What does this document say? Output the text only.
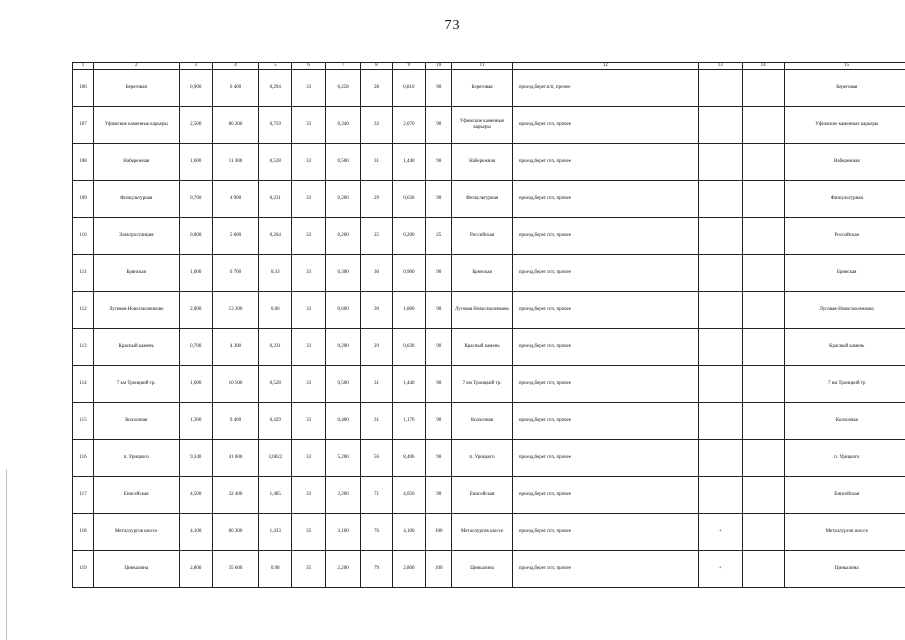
73
1	2	3	4	5	6	7	8	9	10	11	12	13	14	15
106	Береговая	0,900	6 400	0,294	33	0,258	28	0,810	90	Береговая	проезд,берег.п/п, прочее			Береговая
107	Уфимские каменные карьеры	2,500	86 200	0,759	33	0,340	32	2,070	90	Уфимские каменные карьеры	проезд,берег п/п, прочее			Уфимские каменные карьеры
108	Набережная	1,600	11 300	0,528	33	0,500	31	1,440	90	Набережная	проезд,берег п/п, прочее			Набережная
109	Физкультурная	0,700	4 900	0,231	33	0,200	29	0,630	90	Физкультурная	проезд,берег п/п, прочее			Физкультурная
110	Электростанция	0,800	5 600	0,264	33	0,200	25	0,200	25	Российская	проезд,берег п/п, прочее			Российская
111	Брянская	1,000	6 700	0,33	33	0,300	30	0,900	90	Брянская	проезд,берег п/п, прочее			Брянская
112	Луговая-Новосмоленково	2,000	13 200	0,66	33	0,600	30	1,800	90	Луговая Новосмоленково	проезд,берег п/п, прочее			Луговая-Новосмоленково
113	Красный камень	0,700	4 300	0,231	33	0,200	29	0,630	90	Красный камень	проезд,берег п/п, прочее			Красный камень
114	7 км Троицкий тр.	1,600	10 500	0,528	33	0,500	31	1,440	90	7 км Троицкий тр.	проезд,берег п/п, прочее			7 км Троицкий тр
115	Колхозная	1,300	9 400	0,429	33	0,400	31	1,170	90	Колхозная	проезд,берег п/п, прочее			Колхозная
116	п. Урицкого	9,340	41 600	3,0822	33	5,200	56	8,406	90	п. Урицкого	проезд,берег п/п, прочее			п. Урицкого
117	Енисейская	4,500	32 400	1,485	33	3,200	71	4,050	90	Енисейская	проезд,берег п/п, прочее			Енисейская
118	Металлургов шоссе	4,100	86 300	1,433	35	3,100	76	4,100	100	Металлургов шоссе	проезд,берег п/п, прочее	+		Металлургов шоссе
119	Цинкалина	2,800	35 600	0,98	35	2,200	79	2,800	100	Цинкалина	проезд,берег п/п, прочее	+		Цинкалина
